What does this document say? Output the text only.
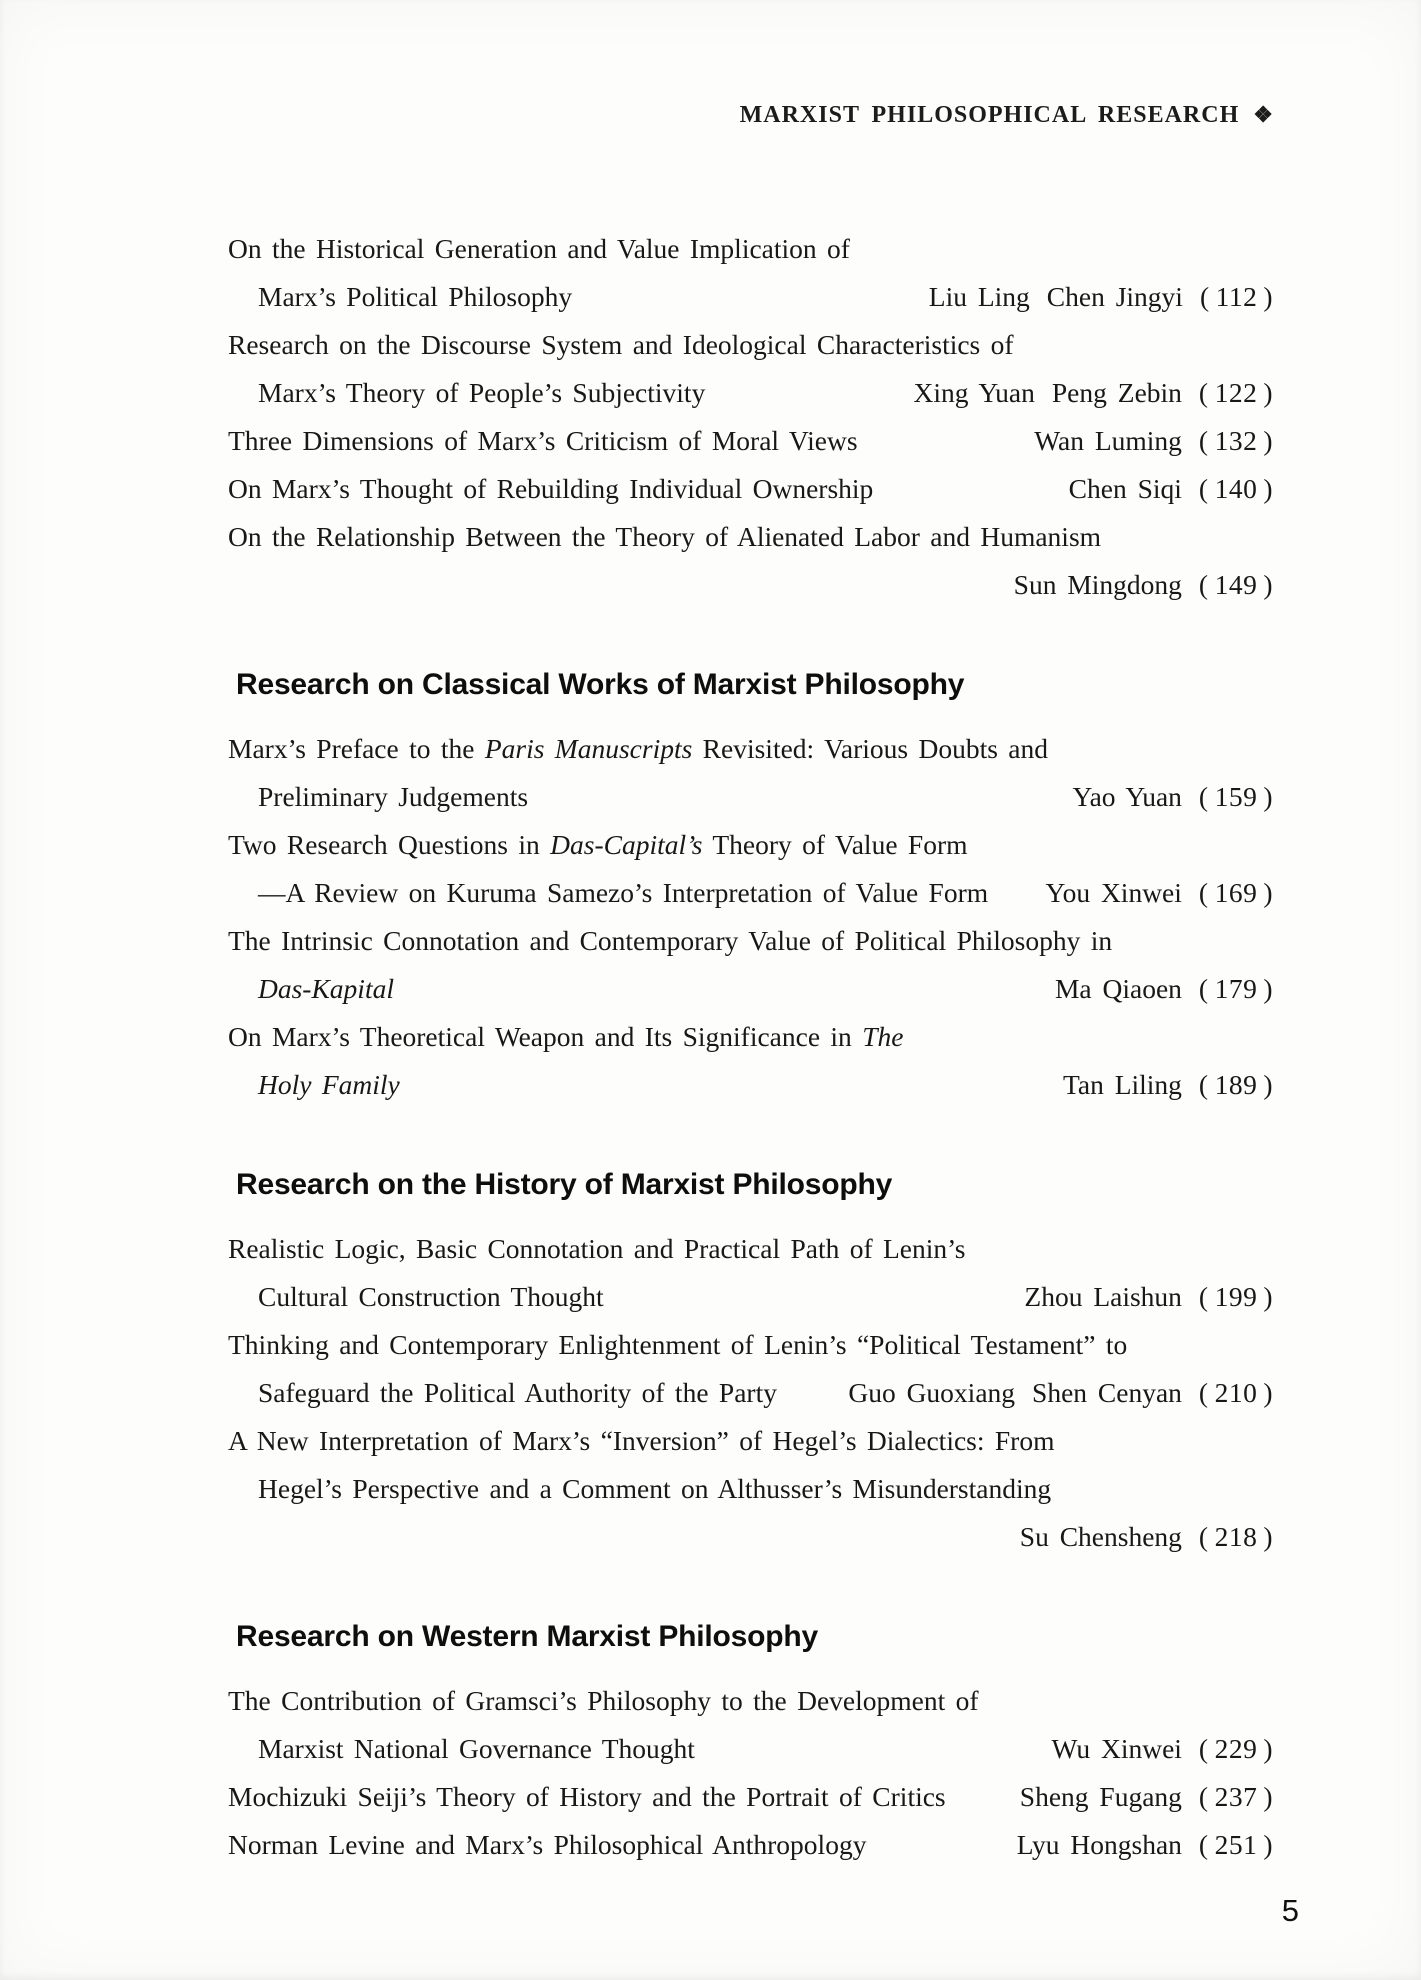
MARXIST PHILOSOPHICAL RESEARCH ❖
On the Historical Generation and Value Implication of
Marx’s Political Philosophy	Liu Ling Chen Jingyi ( 112 )
Research on the Discourse System and Ideological Characteristics of
Marx’s Theory of People’s Subjectivity	Xing Yuan Peng Zebin ( 122 )
Three Dimensions of Marx’s Criticism of Moral Views	Wan Luming ( 132 )
On Marx’s Thought of Rebuilding Individual Ownership	Chen Siqi ( 140 )
On the Relationship Between the Theory of Alienated Labor and Humanism
Sun Mingdong ( 149 )
Research on Classical Works of Marxist Philosophy
Marx’s Preface to the Paris Manuscripts Revisited: Various Doubts and
Preliminary Judgements	Yao Yuan ( 159 )
Two Research Questions in Das-Capital’s Theory of Value Form
—A Review on Kuruma Samezo’s Interpretation of Value Form You Xinwei ( 169 )
The Intrinsic Connotation and Contemporary Value of Political Philosophy in
Das-Kapital	Ma Qiaoen ( 179 )
On Marx’s Theoretical Weapon and Its Significance in The
Holy Family	Tan Liling ( 189 )
Research on the History of Marxist Philosophy
Realistic Logic, Basic Connotation and Practical Path of Lenin’s
Cultural Construction Thought	Zhou Laishun ( 199 )
Thinking and Contemporary Enlightenment of Lenin’s “Political Testament” to
Safeguard the Political Authority of the Party	Guo Guoxiang Shen Cenyan ( 210 )
A New Interpretation of Marx’s “Inversion” of Hegel’s Dialectics: From
Hegel’s Perspective and a Comment on Althusser’s Misunderstanding
Su Chensheng ( 218 )
Research on Western Marxist Philosophy
The Contribution of Gramsci’s Philosophy to the Development of
Marxist National Governance Thought	Wu Xinwei ( 229 )
Mochizuki Seiji’s Theory of History and the Portrait of Critics	Sheng Fugang ( 237 )
Norman Levine and Marx’s Philosophical Anthropology	Lyu Hongshan ( 251 )
5
